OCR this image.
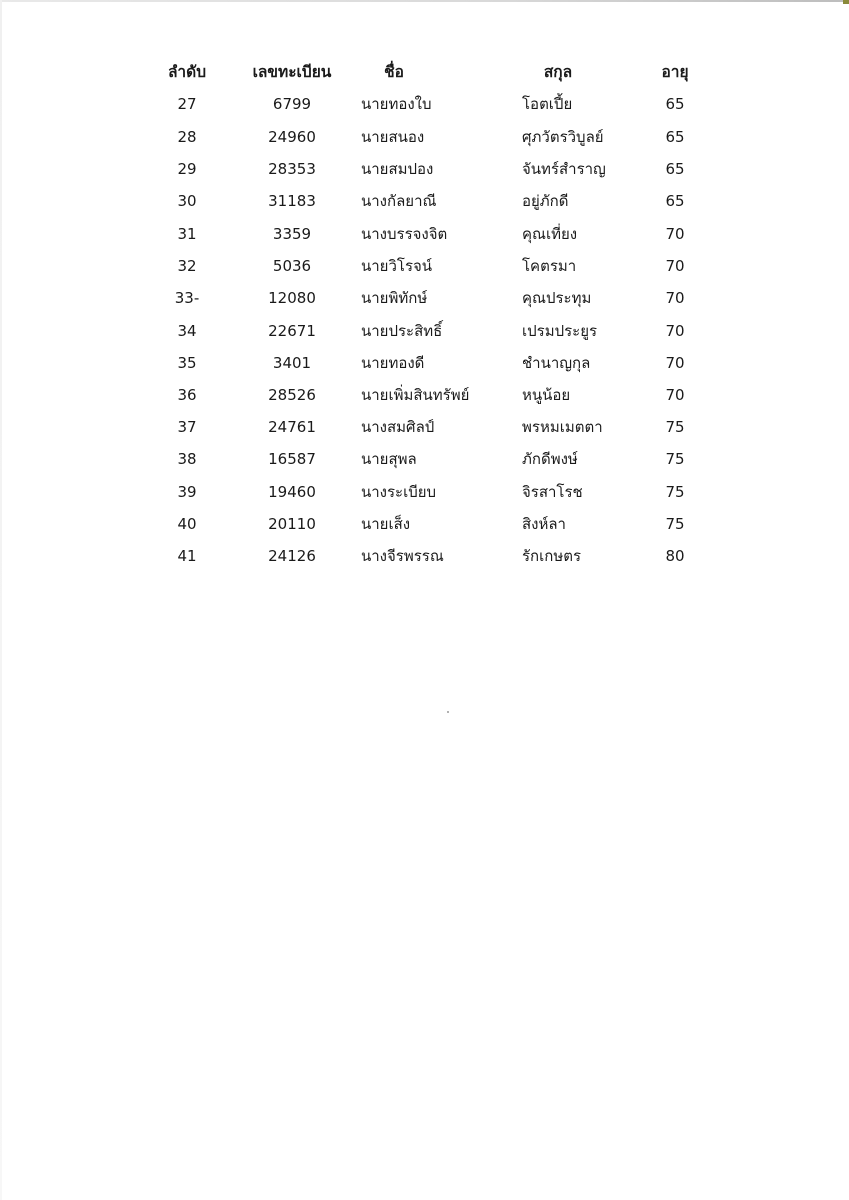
ลำดับ	เลขทะเบียน	ชื่อ	สกุล	อายุ
27	6799	นายทองใบ	โอตเปี้ย	65
28	24960	นายสนอง	ศุภวัตรวิบูลย์	65
29	28353	นายสมปอง	จันทร์สำราญ	65
30	31183	นางกัลยาณี	อยู่ภักดี	65
31	3359	นางบรรจงจิต	คุณเที่ยง	70
32	5036	นายวิโรจน์	โคตรมา	70
33-	12080	นายพิทักษ์	คุณประทุม	70
34	22671	นายประสิทธิ์	เปรมประยูร	70
35	3401	นายทองดี	ชำนาญกุล	70
36	28526	นายเพิ่มสินทรัพย์	หนูน้อย	70
37	24761	นางสมศิลป์	พรหมเมตตา	75
38	16587	นายสุพล	ภักดีพงษ์	75
39	19460	นางระเบียบ	จิรสาโรช	75
40	20110	นายเส็ง	สิงห์ลา	75
41	24126	นางจีรพรรณ	รักเกษตร	80
